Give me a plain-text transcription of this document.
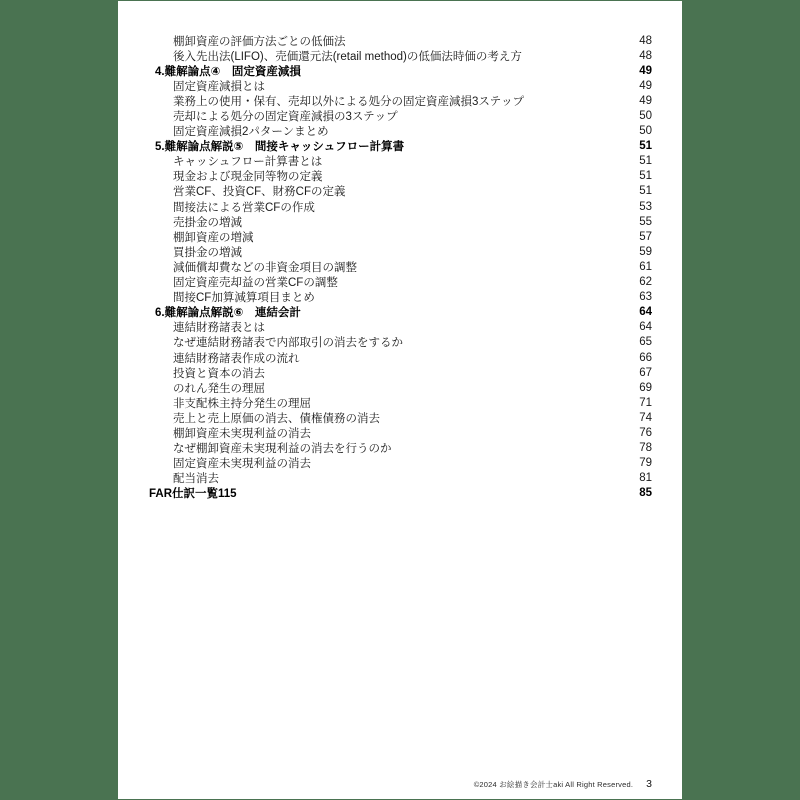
棚卸資産の評価方法ごとの低価法	48
後入先出法(LIFO)、売価還元法(retail method)の低価法時価の考え方	48
4.難解論点④　固定資産減損	49
固定資産減損とは	49
業務上の使用・保有、売却以外による処分の固定資産減損3ステップ	49
売却による処分の固定資産減損の3ステップ	50
固定資産減損2パターンまとめ	50
5.難解論点解説⑤　間接キャッシュフロー計算書	51
キャッシュフロー計算書とは	51
現金および現金同等物の定義	51
営業CF、投資CF、財務CFの定義	51
間接法による営業CFの作成	53
売掛金の増減	55
棚卸資産の増減	57
買掛金の増減	59
減価償却費などの非資金項目の調整	61
固定資産売却益の営業CFの調整	62
間接CF加算減算項目まとめ	63
6.難解論点解説⑥　連結会計	64
連結財務諸表とは	64
なぜ連結財務諸表で内部取引の消去をするか	65
連結財務諸表作成の流れ	66
投資と資本の消去	67
のれん発生の理屈	69
非支配株主持分発生の理屈	71
売上と売上原価の消去、債権債務の消去	74
棚卸資産未実現利益の消去	76
なぜ棚卸資産未実現利益の消去を行うのか	78
固定資産未実現利益の消去	79
配当消去	81
FAR仕訳一覧115	85
©2024 お絵描き会計士aki All Right Reserved. 3
